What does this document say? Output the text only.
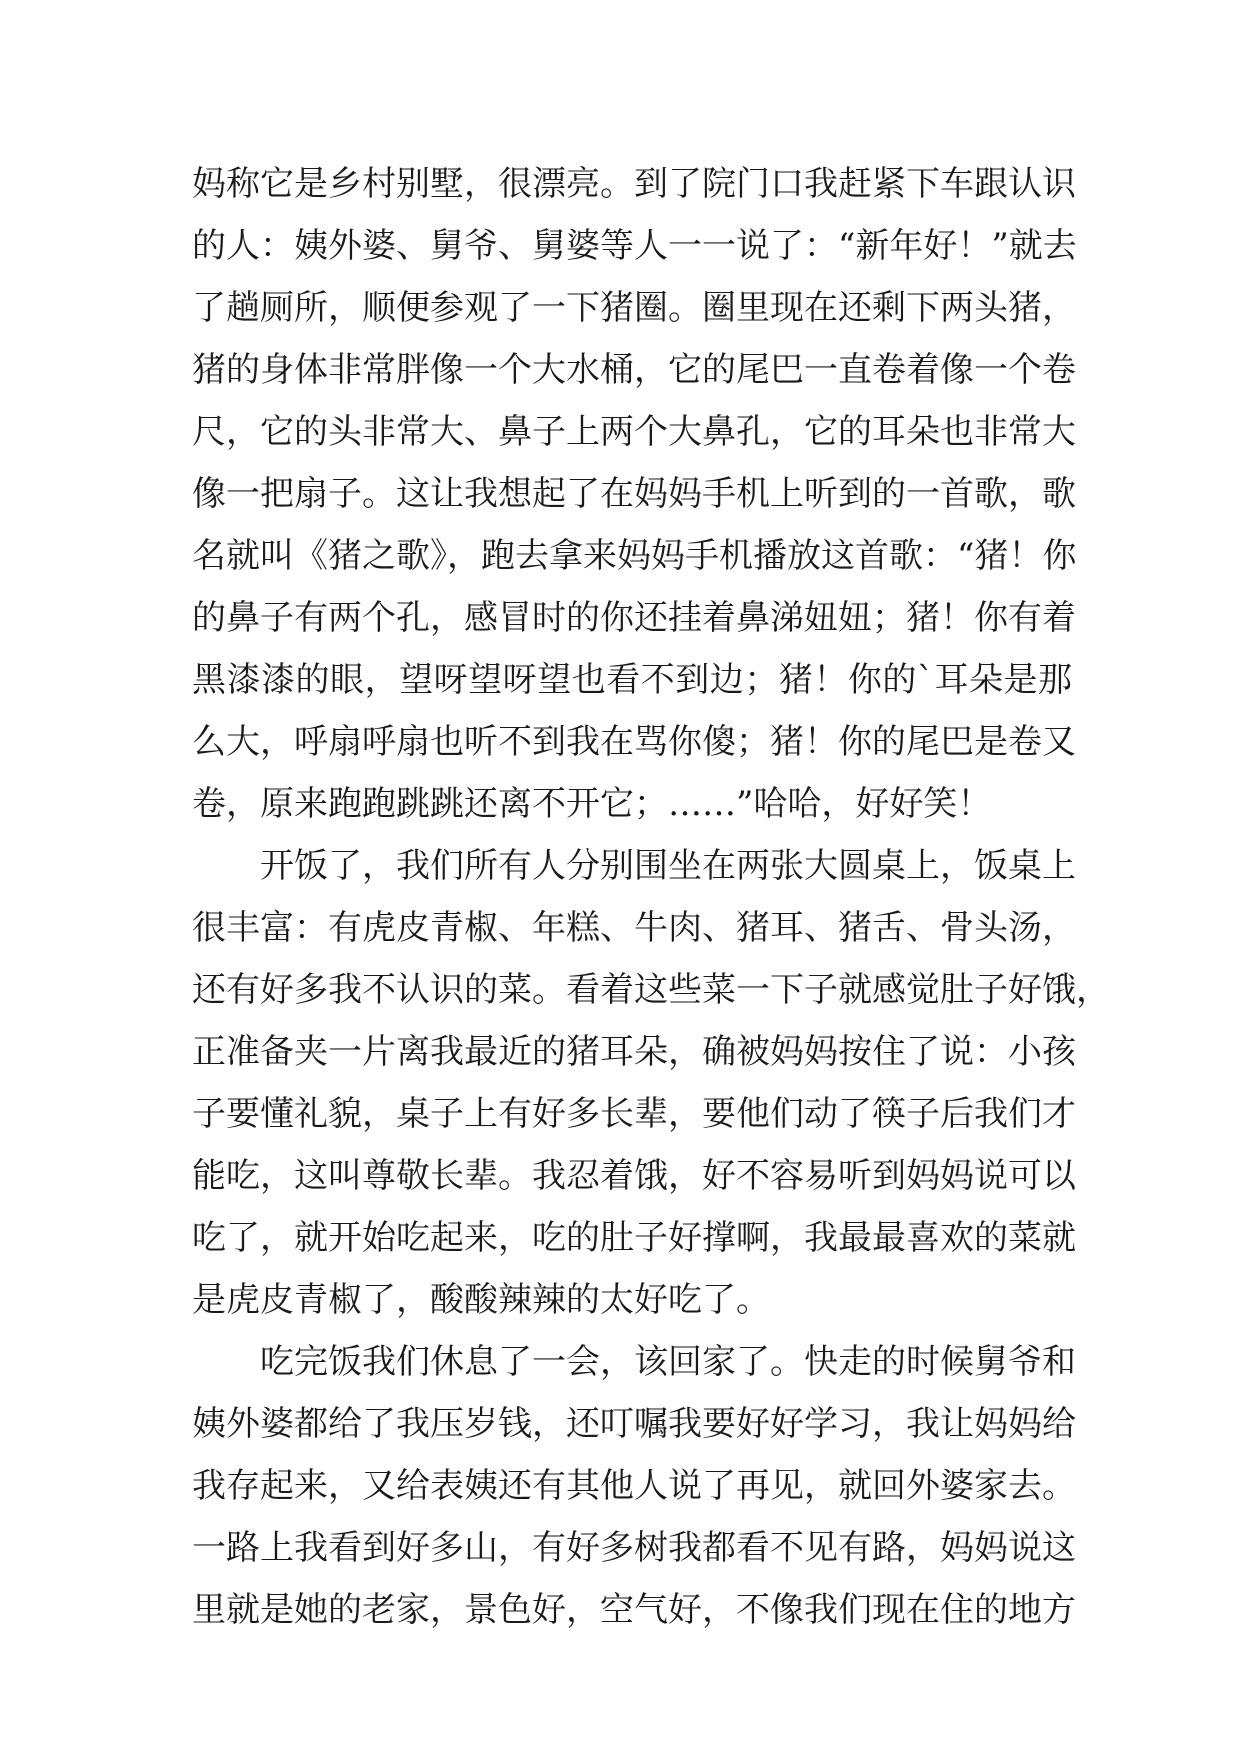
妈称它是乡村别墅，很漂亮。到了院门口我赶紧下车跟认识
的人：姨外婆、舅爷、舅婆等人一一说了：“新年好！”就去
了趟厕所，顺便参观了一下猪圈。圈里现在还剩下两头猪，
猪的身体非常胖像一个大水桶，它的尾巴一直卷着像一个卷
尺，它的头非常大、鼻子上两个大鼻孔，它的耳朵也非常大
像一把扇子。这让我想起了在妈妈手机上听到的一首歌，歌
名就叫《猪之歌》，跑去拿来妈妈手机播放这首歌：“猪！你
的鼻子有两个孔，感冒时的你还挂着鼻涕妞妞；猪！你有着
黑漆漆的眼，望呀望呀望也看不到边；猪！你的`耳朵是那
么大，呼扇呼扇也听不到我在骂你傻；猪！你的尾巴是卷又
卷，原来跑跑跳跳还离不开它；……”哈哈，好好笑！
开饭了，我们所有人分别围坐在两张大圆桌上，饭桌上
很丰富：有虎皮青椒、年糕、牛肉、猪耳、猪舌、骨头汤，
还有好多我不认识的菜。看着这些菜一下子就感觉肚子好饿，
正准备夹一片离我最近的猪耳朵，确被妈妈按住了说：小孩
子要懂礼貌，桌子上有好多长辈，要他们动了筷子后我们才
能吃，这叫尊敬长辈。我忍着饿，好不容易听到妈妈说可以
吃了，就开始吃起来，吃的肚子好撑啊，我最最喜欢的菜就
是虎皮青椒了，酸酸辣辣的太好吃了。
吃完饭我们休息了一会，该回家了。快走的时候舅爷和
姨外婆都给了我压岁钱，还叮嘱我要好好学习，我让妈妈给
我存起来，又给表姨还有其他人说了再见，就回外婆家去。
一路上我看到好多山，有好多树我都看不见有路，妈妈说这
里就是她的老家，景色好，空气好，不像我们现在住的地方
